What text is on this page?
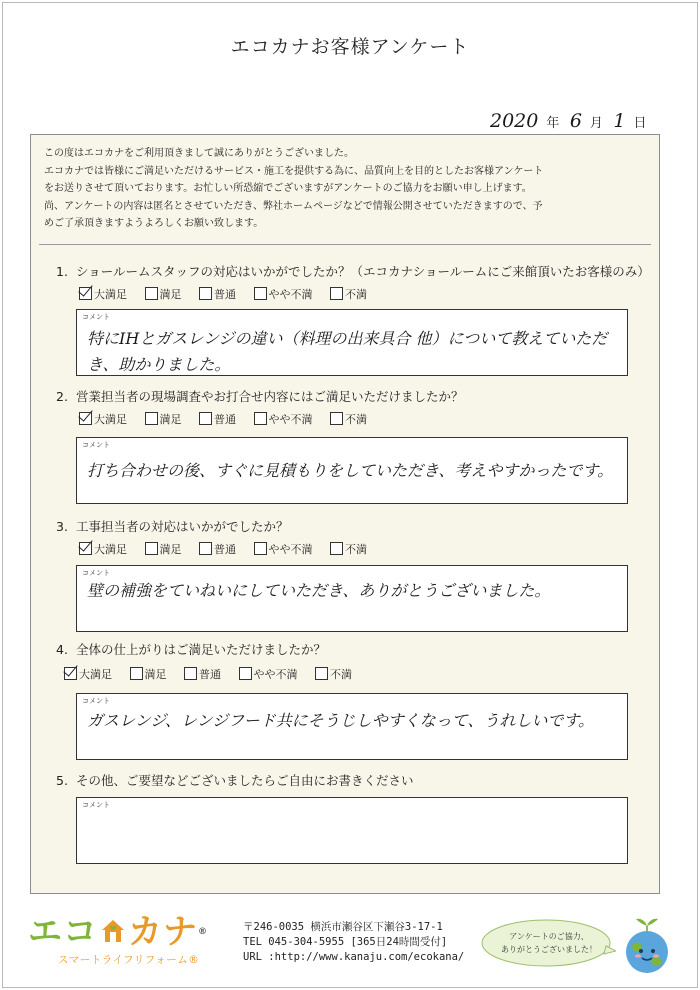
エコカナお客様アンケート
2020 年 6 月 1 日
この度はエコカナをご利用頂きまして誠にありがとうございました。
エコカナでは皆様にご満足いただけるサービス・施工を提供する為に、品質向上を目的としたお客様アンケート
をお送りさせて頂いております。お忙しい所恐縮でございますがアンケートのご協力をお願い申し上げます。
尚、アンケートの内容は匿名とさせていただき、弊社ホームページなどで情報公開させていただきますので、予
めご了承頂きますようよろしくお願い致します。
1. ショールームスタッフの対応はいかがでしたか？（エコカナショールームにご来館頂いたお客様のみ）
大満足	満足	普通	やや不満	不満
コメント
特にIHとガスレンジの違い（料理の出来具合 他）について教えていただき、助かりました。
2. 営業担当者の現場調査やお打合せ内容にはご満足いただけましたか？
大満足	満足	普通	やや不満	不満
コメント
打ち合わせの後、すぐに見積もりをしていただき、考えやすかったです。
3. 工事担当者の対応はいかがでしたか？
大満足	満足	普通	やや不満	不満
コメント
壁の補強をていねいにしていただき、ありがとうございました。
4. 全体の仕上がりはご満足いただけましたか？
大満足	満足	普通	やや不満	不満
コメント
ガスレンジ、レンジフード共にそうじしやすくなって、うれしいです。
5. その他、ご要望などございましたらご自由にお書きください
コメント
エコ カナ®
スマートライフリフォーム®
〒246-0035 横浜市瀬谷区下瀬谷3-17-1
TEL 045-304-5955 [365日24時間受付]
URL :http://www.kanaju.com/ecokana/
アンケートのご協力、
ありがとうございました！
